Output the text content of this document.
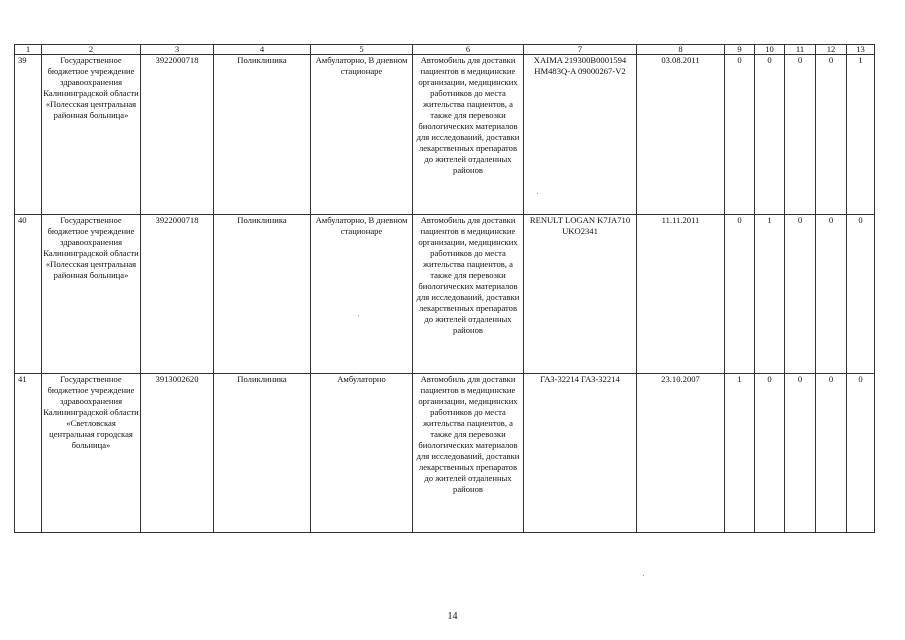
1	2	3	4	5	6	7	8	9	10	11	12	13
39	Государственное бюджетное учреждение здравоохранения Калининградской области «Полесская центральная районная больница»	3922000718	Поликлиника	Амбулаторно, В дневном стационаре	Автомобиль для доставки пациентов в медицинские организации, медицинских работников до места жительства пациентов, а также для перевозки биологических материалов для исследований, доставки лекарственных препаратов до жителей отдаленных районов	XAIMA 219300B0001594 HM483Q-A 09000267-V2	03.08.2011	0	0	0	0	1
40	Государственное бюджетное учреждение здравоохранения Калининградской области «Полесская центральная районная больница»	3922000718	Поликлиника	Амбулаторно, В дневном стационаре	Автомобиль для доставки пациентов в медицинские организации, медицинских работников до места жительства пациентов, а также для перевозки биологических материалов для исследований, доставки лекарственных препаратов до жителей отдаленных районов	RENULT LOGAN K7JA710 UKO2341	11.11.2011	0	1	0	0	0
41	Государственное бюджетное учреждение здравоохранения Калининградской области «Светловская центральная городская больница»	3913002620	Поликлиника	Амбулаторно	Автомобиль для доставки пациентов в медицинские организации, медицинских работников до места жительства пациентов, а также для перевозки биологических материалов для исследований, доставки лекарственных препаратов до жителей отдаленных районов	ГАЗ-32214 ГАЗ-32214	23.10.2007	1	0	0	0	0
14
